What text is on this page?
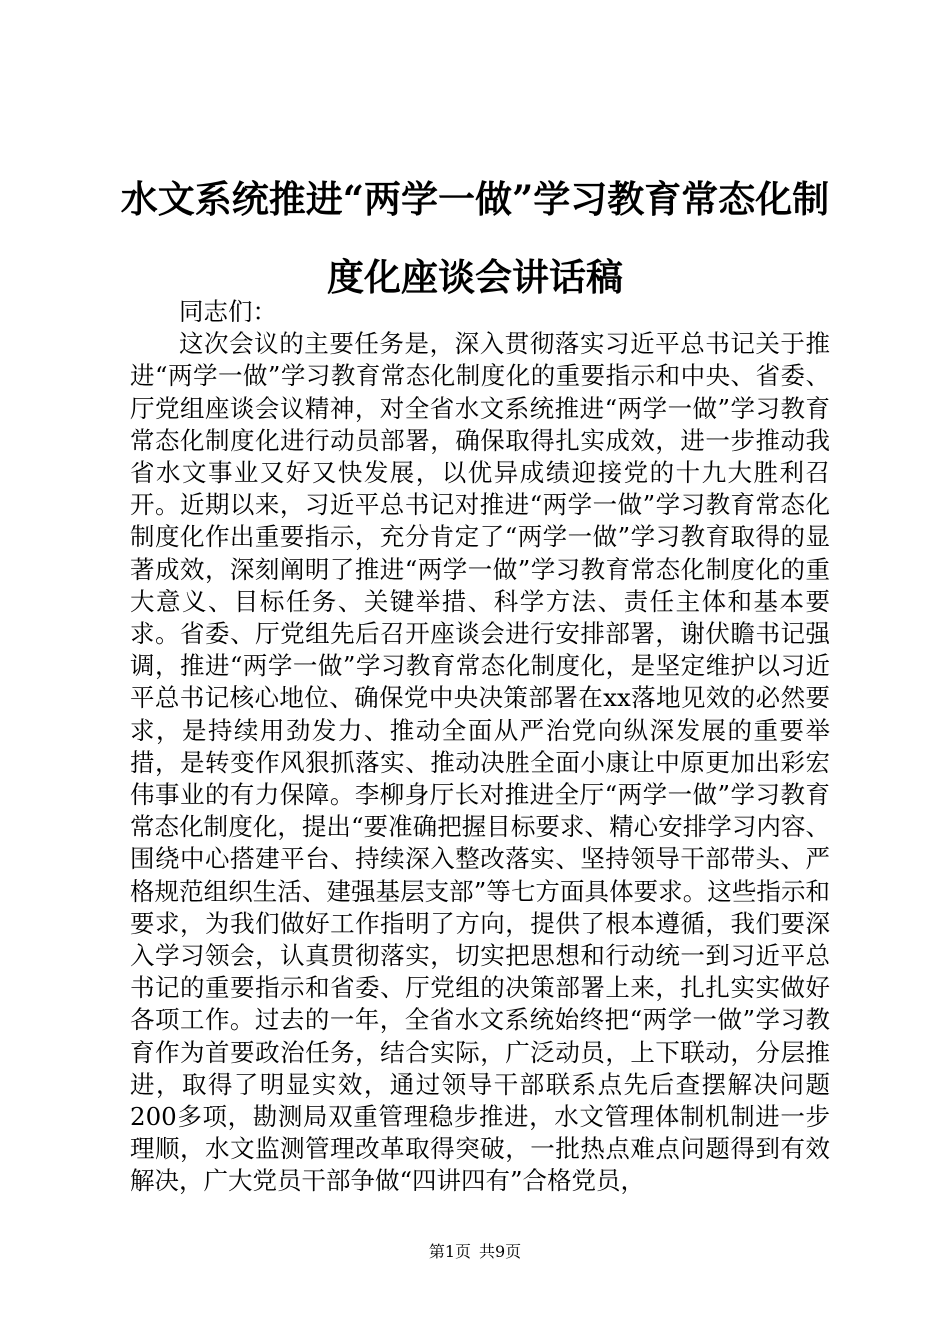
水文系统推进“两学一做”学习教育常态化制度化座谈会讲话稿

同志们：

这次会议的主要任务是，深入贯彻落实习近平总书记关于推进“两学一做”学习教育常态化制度化的重要指示和中央、省委、厅党组座谈会议精神，对全省水文系统推进“两学一做”学习教育常态化制度化进行动员部署，确保取得扎实成效，进一步推动我省水文事业又好又快发展，以优异成绩迎接党的十九大胜利召开。近期以来，习近平总书记对推进“两学一做”学习教育常态化制度化作出重要指示，充分肯定了“两学一做”学习教育取得的显著成效，深刻阐明了推进“两学一做”学习教育常态化制度化的重大意义、目标任务、关键举措、科学方法、责任主体和基本要求。省委、厅党组先后召开座谈会进行安排部署，谢伏瞻书记强调，推进“两学一做”学习教育常态化制度化，是坚定维护以习近平总书记核心地位、确保党中央决策部署在xx落地见效的必然要求，是持续用劲发力、推动全面从严治党向纵深发展的重要举措，是转变作风狠抓落实、推动决胜全面小康让中原更加出彩宏伟事业的有力保障。李柳身厅长对推进全厅“两学一做”学习教育常态化制度化，提出“要准确把握目标要求、精心安排学习内容、围绕中心搭建平台、持续深入整改落实、坚持领导干部带头、严格规范组织生活、建强基层支部”等七方面具体要求。这些指示和要求，为我们做好工作指明了方向，提供了根本遵循，我们要深入学习领会，认真贯彻落实，切实把思想和行动统一到习近平总书记的重要指示和省委、厅党组的决策部署上来，扎扎实实做好各项工作。过去的一年，全省水文系统始终把“两学一做”学习教育作为首要政治任务，结合实际，广泛动员，上下联动，分层推进，取得了明显实效，通过领导干部联系点先后查摆解决问题200多项，勘测局双重管理稳步推进，水文管理体制机制进一步理顺，水文监测管理改革取得突破，一批热点难点问题得到有效解决，广大党员干部争做“四讲四有”合格党员，

第1页 共9页
